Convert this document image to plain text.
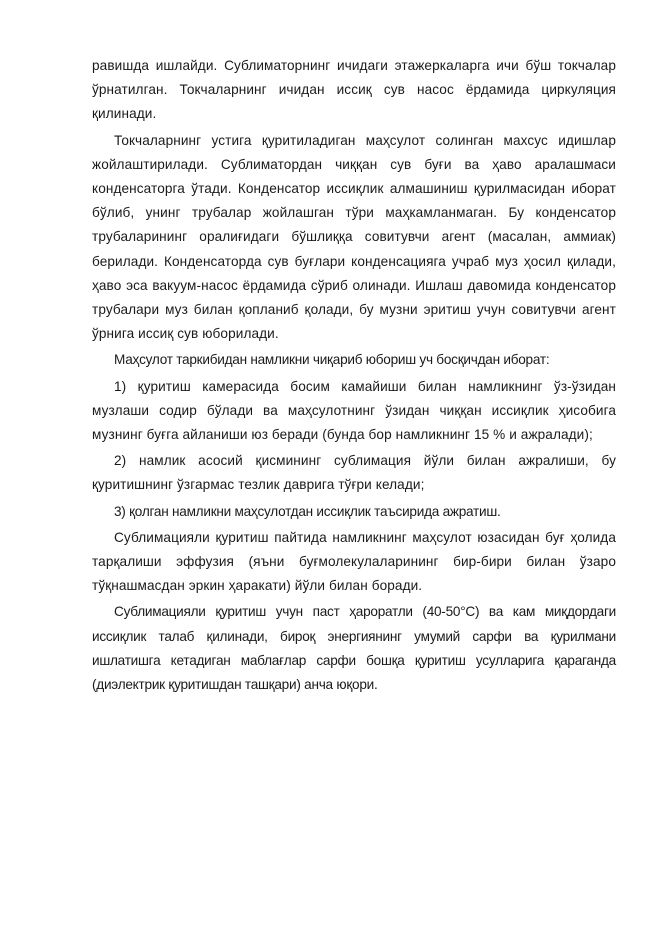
равишда ишлайди. Сублиматорнинг ичидаги этажеркаларга ичи бўш токчалар ўрнатилган. Токчаларнинг ичидан иссиқ сув насос ёрдамида циркуляция қилинади.

Токчаларнинг устига қуритиладиган маҳсулот солинган махсус идишлар жойлаштирилади. Сублиматордан чиққан сув буғи ва ҳаво аралашмаси конденсаторга ўтади. Конденсатор иссиқлик алмашиниш қурилмасидан иборат бўлиб, унинг трубалар жойлашган тўри маҳкамланмаган. Бу конденсатор трубаларининг оралиғидаги бўшлиққа совитувчи агент (масалан, аммиак) берилади. Конденсаторда сув буғлари конденсацияга учраб муз ҳосил қилади, ҳаво эса вакуум-насос ёрдамида сўриб олинади. Ишлаш давомида конденсатор трубалари муз билан қопланиб қолади, бу музни эритиш учун совитувчи агент ўрнига иссиқ сув юборилади.

Маҳсулот таркибидан намликни чиқариб юбориш уч босқичдан иборат:

1) қуритиш камерасида босим камайиши билан намликнинг ўз-ўзидан музлаши содир бўлади ва маҳсулотнинг ўзидан чиққан иссиқлик ҳисобига музнинг буғга айланиши юз беради (бунда бор намликнинг 15 % и ажралади);

2) намлик асосий қисмининг сублимация йўли билан ажралиши, бу қуритишнинг ўзгармас тезлик даврига тўғри келади;

3) қолган намликни маҳсулотдан иссиқлик таъсирида ажратиш.

Сублимацияли қуритиш пайтида намликнинг маҳсулот юзасидан буғ ҳолида тарқалиши эффузия (яъни буғмолекулаларининг бир-бири билан ўзаро тўқнашмасдан эркин ҳаракати) йўли билан боради.

Сублимацияли қуритиш учун паст ҳароратли (40-50°С) ва кам миқдордаги иссиқлик талаб қилинади, бироқ энергиянинг умумий сарфи ва қурилмани ишлатишга кетадиган маблағлар сарфи бошқа қуритиш усулларига қараганда (диэлектрик қуритишдан ташқари) анча юқори.
